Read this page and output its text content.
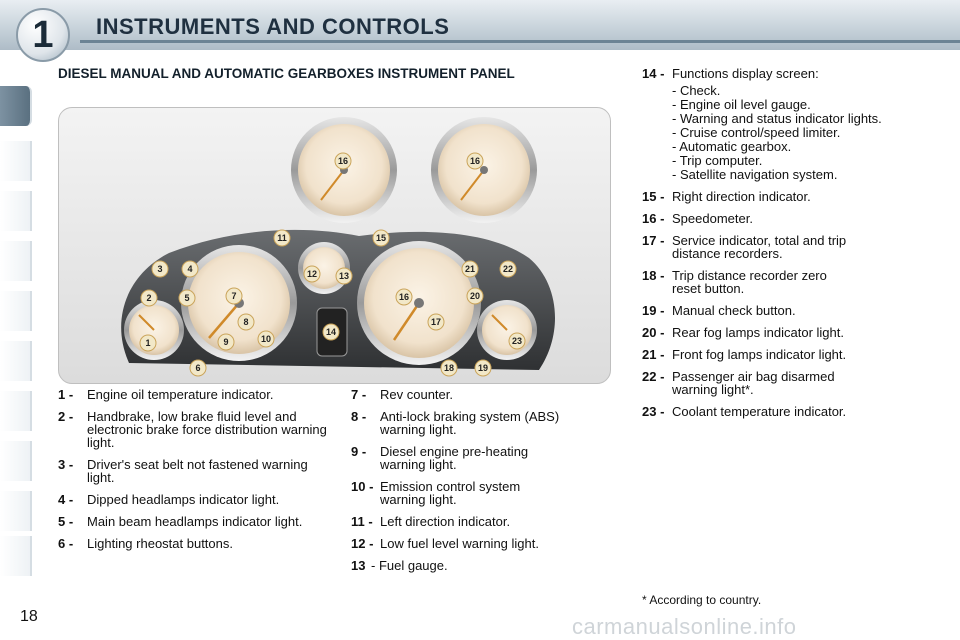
1	INSTRUMENTS AND CONTROLS
DIESEL MANUAL AND AUTOMATIC GEARBOXES INSTRUMENT PANEL
1
2
3	4
5
6
7
8
9	10
11
12 13
14
15
16
17
18	19
20
21	22
23
16	16
1 -	Engine oil temperature indicator.
2 -	Handbrake, low brake fluid level and electronic brake force distribution warning light.
3 -	Driver's seat belt not fastened warning light.
4 -	Dipped headlamps indicator light.
5 -	Main beam headlamps indicator light.
6 -	Lighting rheostat buttons.
7 -	Rev counter.
8 -	Anti-lock braking system (ABS) warning light.
9 -	Diesel engine pre-heating warning light.
10 - Emission control system warning light.
11 - Left direction indicator.
12 - Low fuel level warning light.
13 - Fuel gauge.
14 - Functions display screen:
- Check.
- Engine oil level gauge.
- Warning and status indicator lights.
- Cruise control/speed limiter.
- Automatic gearbox.
- Trip computer.
- Satellite navigation system.
15 - Right direction indicator.
16 - Speedometer.
17 - Service indicator, total and trip distance recorders.
18 - Trip distance recorder zero reset button.
19 - Manual check button.
20 - Rear fog lamps indicator light.
21 - Front fog lamps indicator light.
22 - Passenger air bag disarmed warning light*.
23 - Coolant temperature indicator.
* According to country.
18	carmanualsonline.info
